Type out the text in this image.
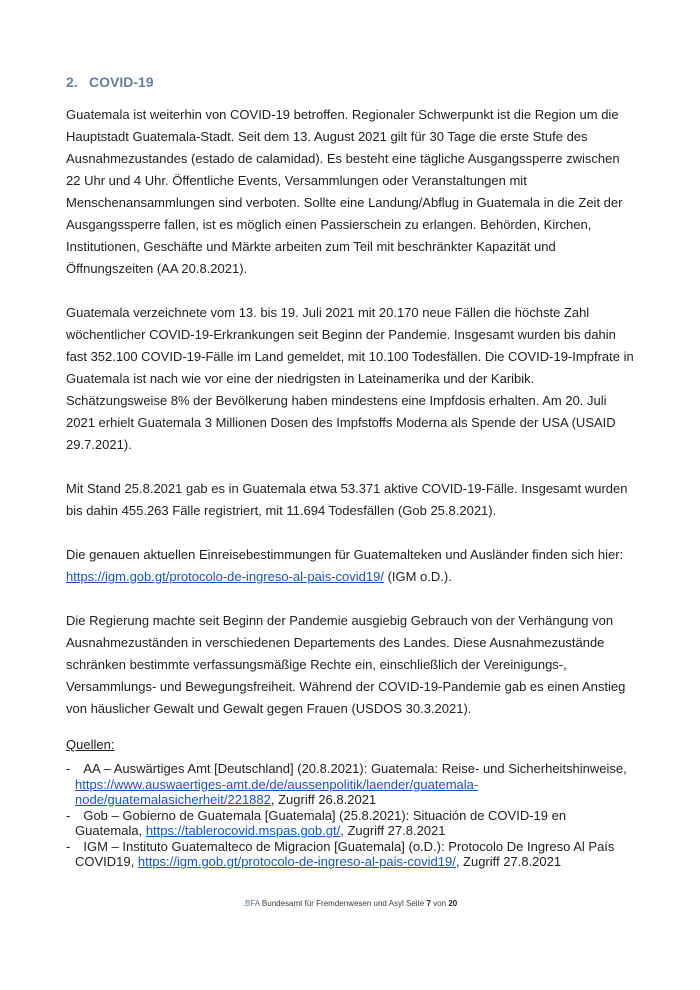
2. COVID-19

Guatemala ist weiterhin von COVID-19 betroffen. Regionaler Schwerpunkt ist die Region um die Hauptstadt Guatemala-Stadt. Seit dem 13. August 2021 gilt für 30 Tage die erste Stufe des Ausnahmezustandes (estado de calamidad). Es besteht eine tägliche Ausgangssperre zwischen 22 Uhr und 4 Uhr. Öffentliche Events, Versammlungen oder Veranstaltungen mit Menschenansammlungen sind verboten. Sollte eine Landung/Abflug in Guatemala in die Zeit der Ausgangssperre fallen, ist es möglich einen Passierschein zu erlangen. Behörden, Kirchen, Institutionen, Geschäfte und Märkte arbeiten zum Teil mit beschränkter Kapazität und Öffnungszeiten (AA 20.8.2021).

Guatemala verzeichnete vom 13. bis 19. Juli 2021 mit 20.170 neue Fällen die höchste Zahl wöchentlicher COVID-19-Erkrankungen seit Beginn der Pandemie. Insgesamt wurden bis dahin fast 352.100 COVID-19-Fälle im Land gemeldet, mit 10.100 Todesfällen. Die COVID-19-Impfrate in Guatemala ist nach wie vor eine der niedrigsten in Lateinamerika und der Karibik. Schätzungsweise 8% der Bevölkerung haben mindestens eine Impfdosis erhalten. Am 20. Juli 2021 erhielt Guatemala 3 Millionen Dosen des Impfstoffs Moderna als Spende der USA (USAID 29.7.2021).

Mit Stand 25.8.2021 gab es in Guatemala etwa 53.371 aktive COVID-19-Fälle. Insgesamt wurden bis dahin 455.263 Fälle registriert, mit 11.694 Todesfällen (Gob 25.8.2021).

Die genauen aktuellen Einreisebestimmungen für Guatemalteken und Ausländer finden sich hier: https://igm.gob.gt/protocolo-de-ingreso-al-pais-covid19/ (IGM o.D.).

Die Regierung machte seit Beginn der Pandemie ausgiebig Gebrauch von der Verhängung von Ausnahmezuständen in verschiedenen Departements des Landes. Diese Ausnahmezustände schränken bestimmte verfassungsmäßige Rechte ein, einschließlich der Vereinigungs-, Versammlungs- und Bewegungsfreiheit. Während der COVID-19-Pandemie gab es einen Anstieg von häuslicher Gewalt und Gewalt gegen Frauen (USDOS 30.3.2021).

Quellen:
- AA – Auswärtiges Amt [Deutschland] (20.8.2021): Guatemala: Reise- und Sicherheitshinweise, https://www.auswaertiges-amt.de/de/aussenpolitik/laender/guatemala-node/guatemalasicherheit/221882, Zugriff 26.8.2021
- Gob – Gobierno de Guatemala [Guatemala] (25.8.2021): Situación de COVID-19 en Guatemala, https://tablerocovid.mspas.gob.gt/, Zugriff 27.8.2021
- IGM – Instituto Guatemalteco de Migracion [Guatemala] (o.D.): Protocolo De Ingreso Al País COVID19, https://igm.gob.gt/protocolo-de-ingreso-al-pais-covid19/, Zugriff 27.8.2021
.BFA Bundesamt für Fremdenwesen und Asyl Seite 7 von 20
